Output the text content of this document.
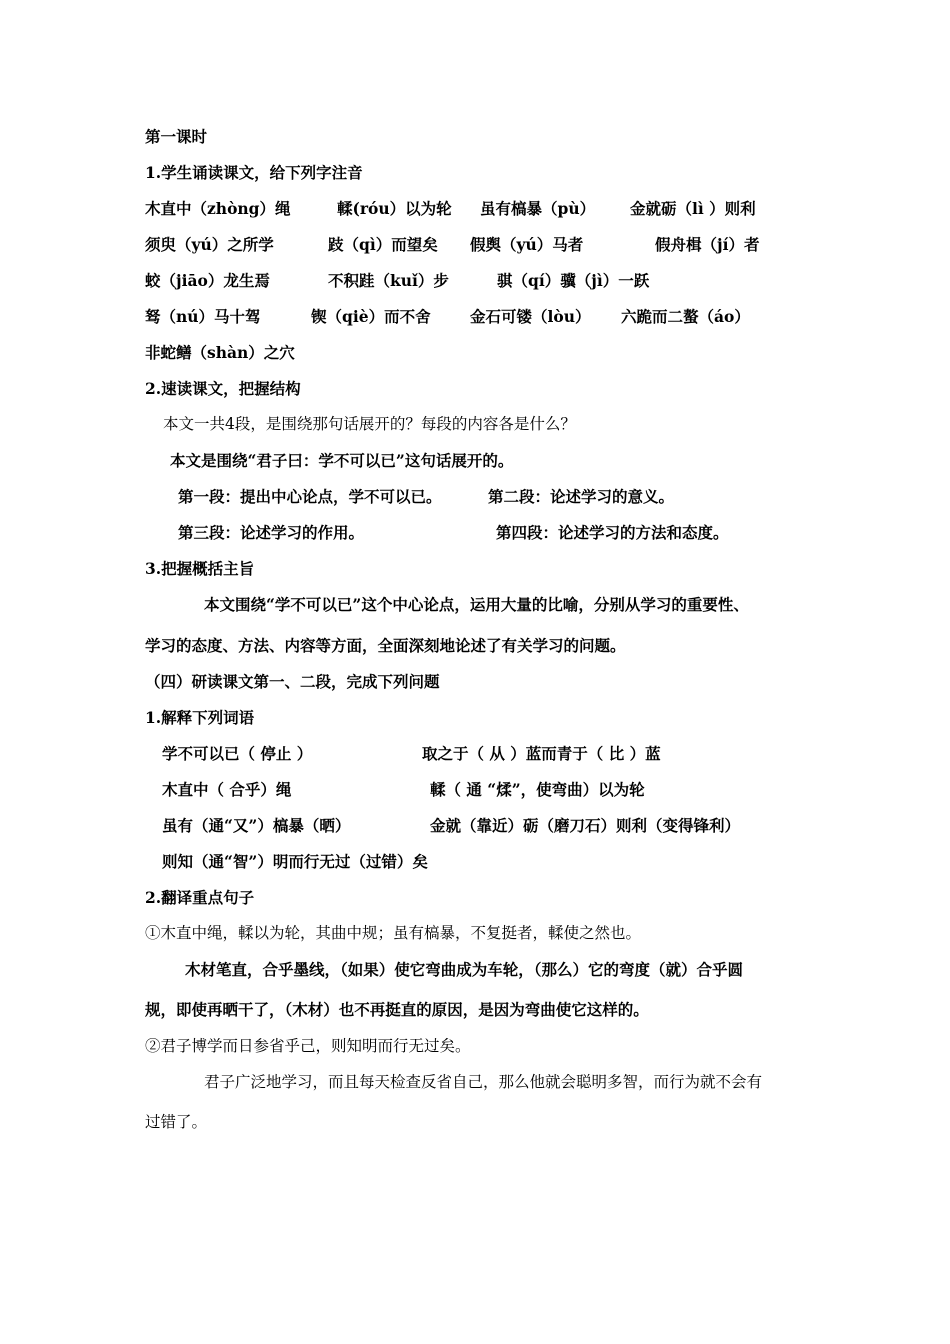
第一课时
1.学生诵读课文，给下列字注音
木直中（zhòng）绳	輮(róu）以为轮 虽有槁暴（pù） 金就砺（lì ）则利
须臾（yú）之所学	跂（qì）而望矣 假舆（yú）马者	假舟楫（jí）者
蛟（jiāo）龙生焉	不积跬（kuǐ）步	骐（qí）骥（jì）一跃
驽（nú）马十驾	锲（qiè）而不舍	金石可镂（lòu） 六跪而二螯（áo）
非蛇鳝（shàn）之穴
2.速读课文，把握结构
本文一共4段，是围绕那句话展开的？每段的内容各是什么？
本文是围绕“君子曰：学不可以已”这句话展开的。
第一段：提出中心论点，学不可以已。	第二段：论述学习的意义。
第三段：论述学习的作用。	第四段：论述学习的方法和态度。
3.把握概括主旨
本文围绕“学不可以已”这个中心论点，运用大量的比喻，分别从学习的重要性、
学习的态度、方法、内容等方面，全面深刻地论述了有关学习的问题。
（四）研读课文第一、二段，完成下列问题
1.解释下列词语
学不可以已（ 停止 ）	取之于（ 从 ）蓝而青于（ 比 ）蓝
木直中（ 合乎）绳	輮（ 通 “煣”，使弯曲）以为轮
虽有（通“又”）槁暴（晒）	金就（靠近）砺（磨刀石）则利（变得锋利）
则知（通“智”）明而行无过（过错）矣
2.翻译重点句子
①木直中绳，輮以为轮，其曲中规；虽有槁暴，不复挺者，輮使之然也。
木材笔直，合乎墨线，（如果）使它弯曲成为车轮，（那么）它的弯度（就）合乎圆
规，即使再晒干了，（木材）也不再挺直的原因，是因为弯曲使它这样的。
②君子博学而日参省乎己，则知明而行无过矣。
君子广泛地学习，而且每天检查反省自己，那么他就会聪明多智，而行为就不会有
过错了。
